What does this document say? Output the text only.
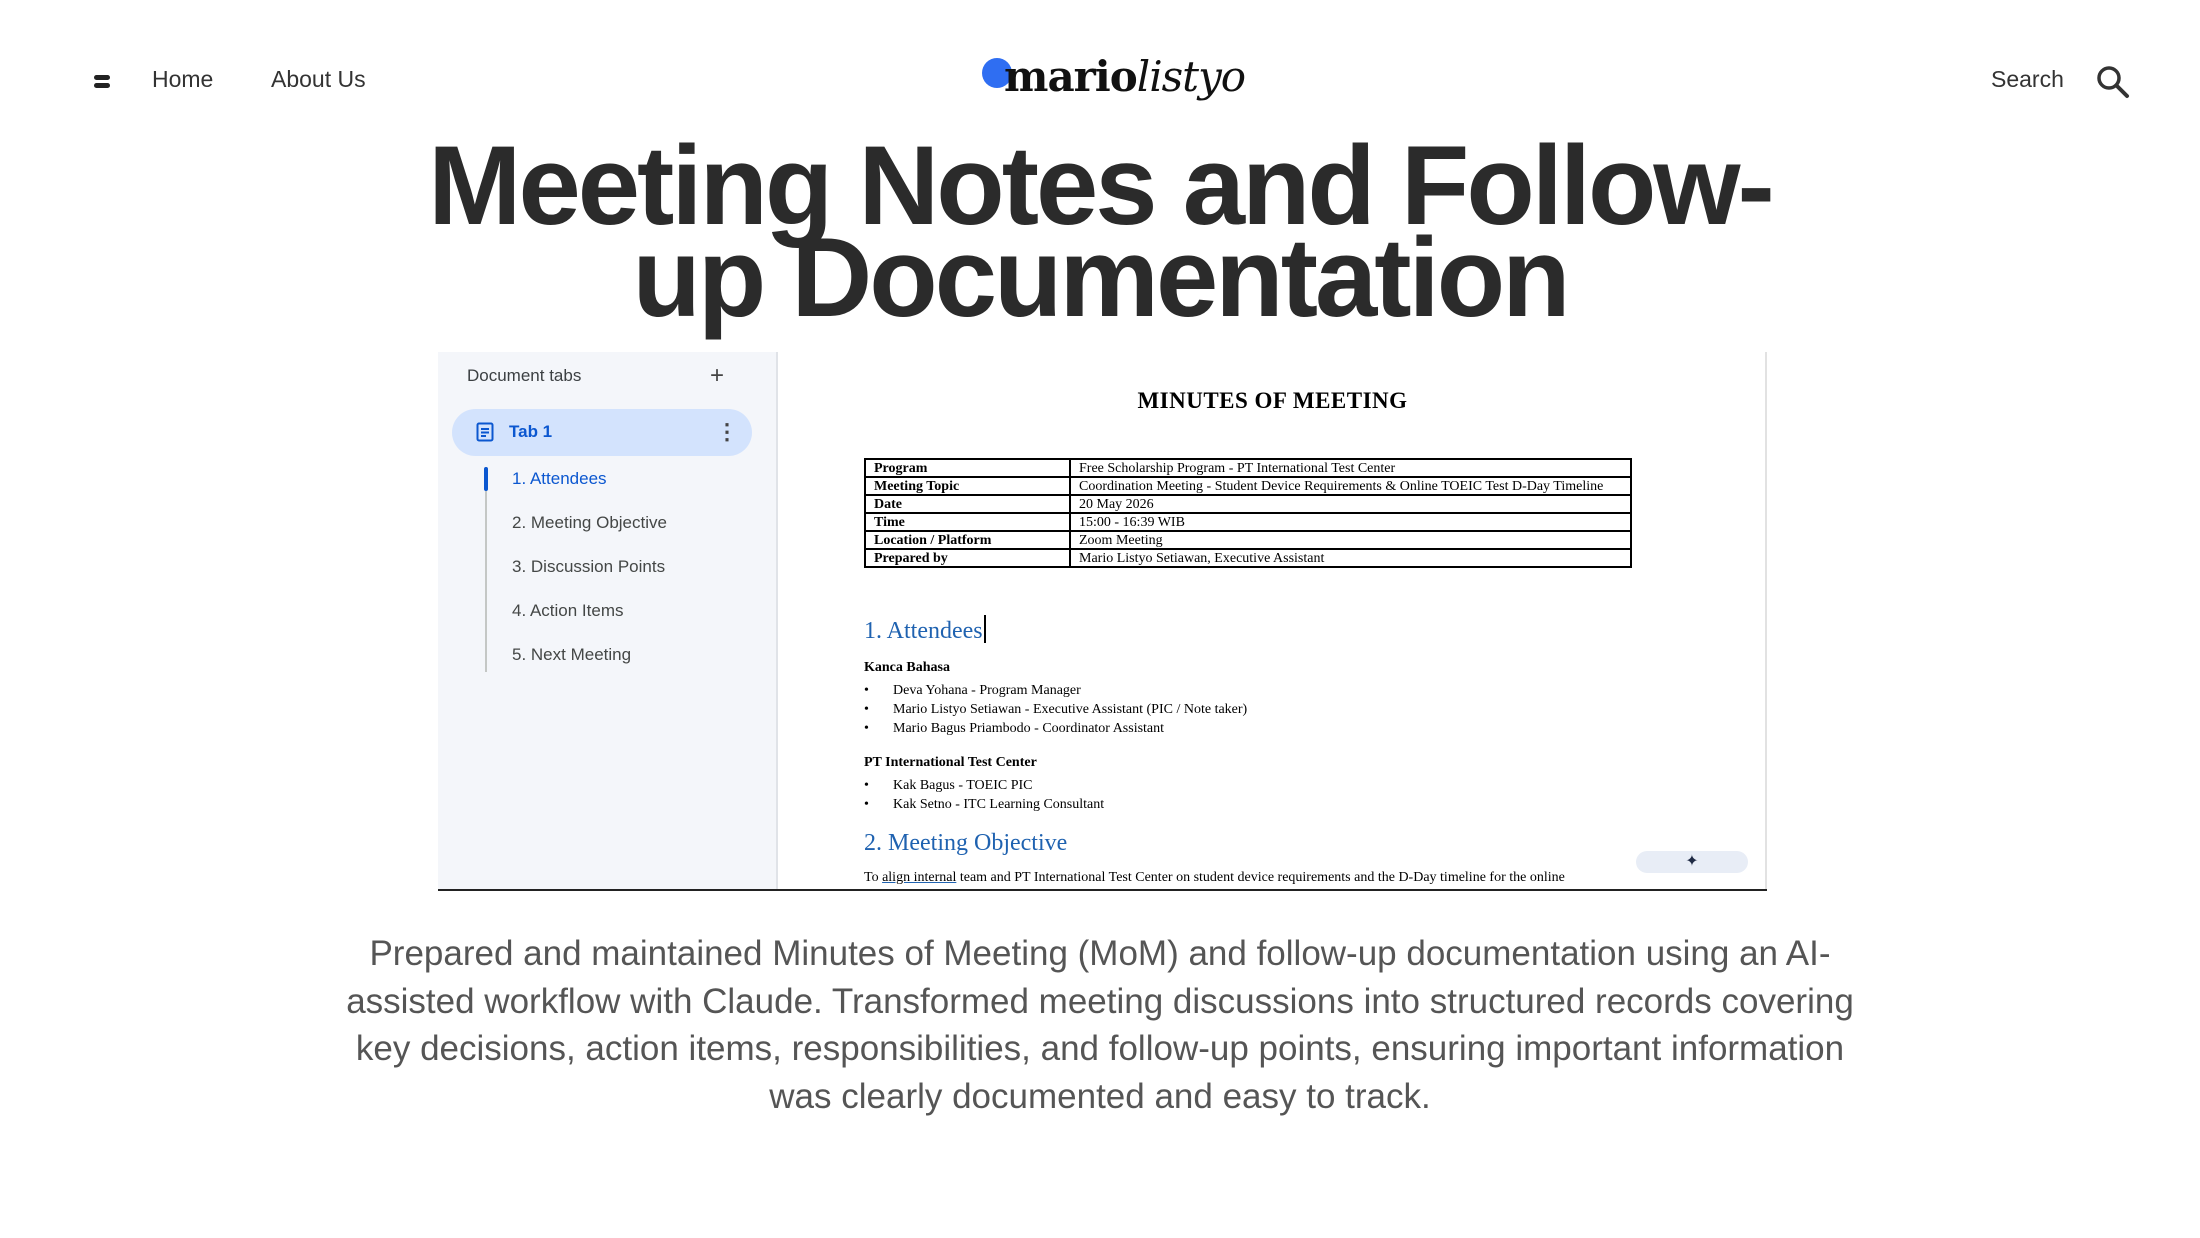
Home	About Us	mariolistyo	Search
Meeting Notes and Follow-up Documentation
Document tabs	+
Tab 1	⋮
1. Attendees
2. Meeting Objective
3. Discussion Points
4. Action Items
5. Next Meeting
MINUTES OF MEETING
Program	Free Scholarship Program - PT International Test Center
Meeting Topic	Coordination Meeting - Student Device Requirements & Online TOEIC Test D-Day Timeline
Date	20 May 2026
Time	15:00 - 16:39 WIB
Location / Platform	Zoom Meeting
Prepared by	Mario Listyo Setiawan, Executive Assistant
1. Attendees
Kanca Bahasa
• Deva Yohana - Program Manager
• Mario Listyo Setiawan - Executive Assistant (PIC / Note taker)
• Mario Bagus Priambodo - Coordinator Assistant
PT International Test Center
• Kak Bagus - TOEIC PIC
• Kak Setno - ITC Learning Consultant
2. Meeting Objective
✦
To align internal team and PT International Test Center on student device requirements and the D-Day timeline for the online

Prepared and maintained Minutes of Meeting (MoM) and follow-up documentation using an AI-assisted workflow with Claude. Transformed meeting discussions into structured records covering key decisions, action items, responsibilities, and follow-up points, ensuring important information was clearly documented and easy to track.
